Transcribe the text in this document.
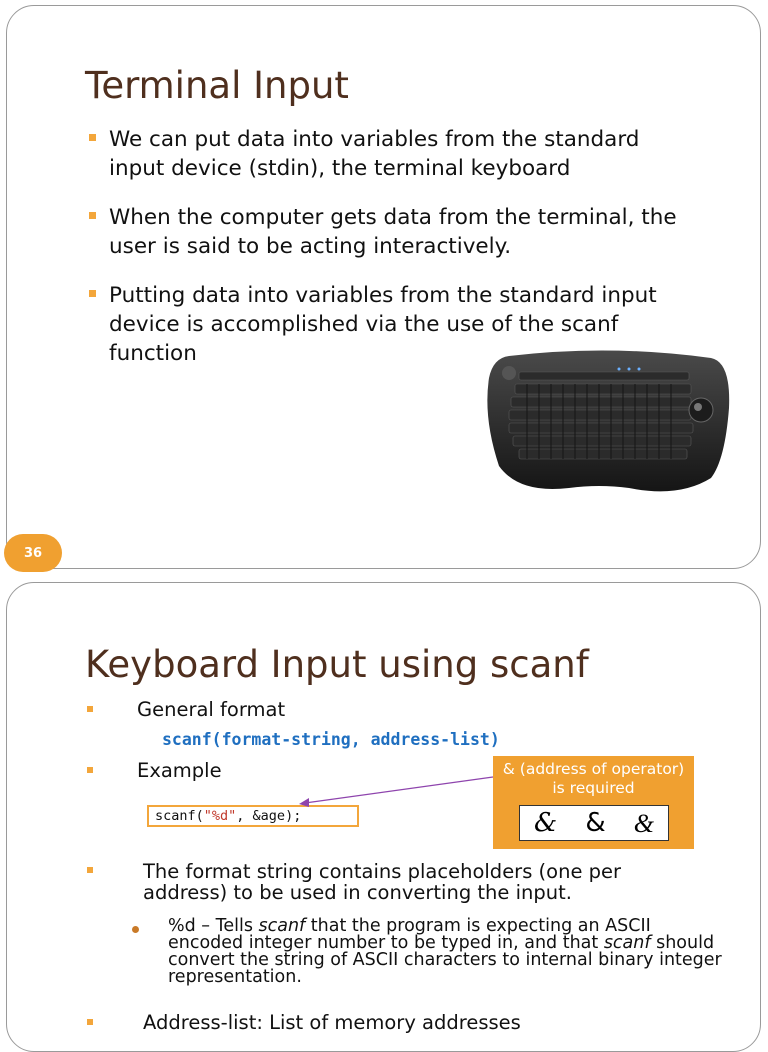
Terminal Input

We can put data into variables from the standard
input device (stdin), the terminal keyboard

When the computer gets data from the terminal, the
user is said to be acting interactively.

Putting data into variables from the standard input
device is accomplished via the use of the scanf
function

36
Keyboard Input using scanf

General format

scanf(format-string, address-list)

Example

scanf("%d", &age);
& (address of operator)
is required
& & &

The format string contains placeholders (one per
address) to be used in converting the input.

%d – Tells scanf that the program is expecting an ASCII encoded integer number to be typed in, and that scanf should convert the string of ASCII characters to internal binary integer representation.

Address-list: List of memory addresses
